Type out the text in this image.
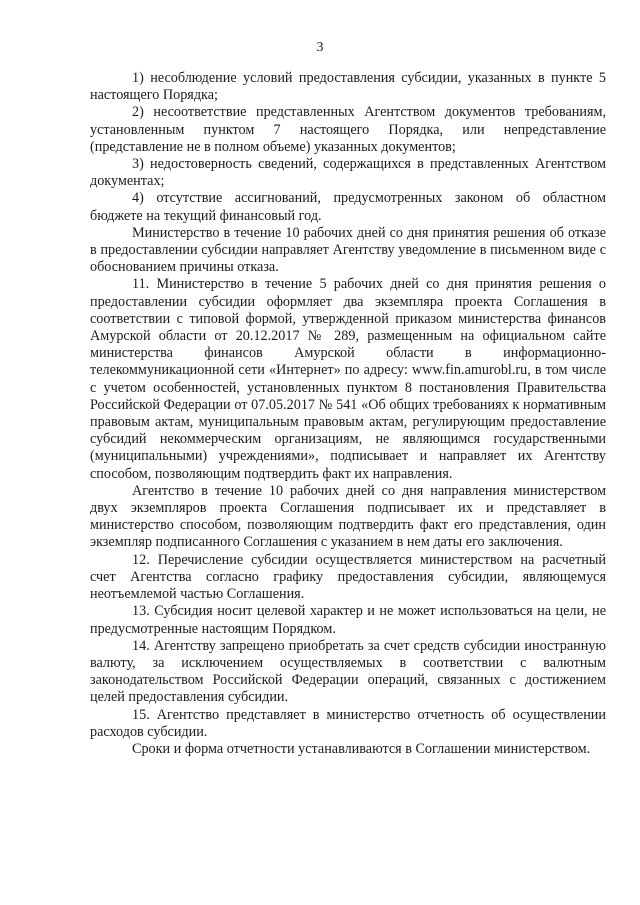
3

1) несоблюдение условий предоставления субсидии, указанных в пункте 5 настоящего Порядка;

2) несоответствие представленных Агентством документов требованиям, установленным пунктом 7 настоящего Порядка, или непредставление (представление не в полном объеме) указанных документов;

3) недостоверность сведений, содержащихся в представленных Агентством документах;

4) отсутствие ассигнований, предусмотренных законом об областном бюджете на текущий финансовый год.

Министерство в течение 10 рабочих дней со дня принятия решения об отказе в предоставлении субсидии направляет Агентству уведомление в письменном виде с обоснованием причины отказа.

11. Министерство в течение 5 рабочих дней со дня принятия решения о предоставлении субсидии оформляет два экземпляра проекта Соглашения в соответствии с типовой формой, утвержденной приказом министерства финансов Амурской области от 20.12.2017 № 289, размещенным на официальном сайте министерства финансов Амурской области в информационно-телекоммуникационной сети «Интернет» по адресу: www.fin.amurobl.ru, в том числе с учетом особенностей, установленных пунктом 8 постановления Правительства Российской Федерации от 07.05.2017 № 541 «Об общих требованиях к нормативным правовым актам, муниципальным правовым актам, регулирующим предоставление субсидий некоммерческим организациям, не являющимся государственными (муниципальными) учреждениями», подписывает и направляет их Агентству способом, позволяющим подтвердить факт их направления.

Агентство в течение 10 рабочих дней со дня направления министерством двух экземпляров проекта Соглашения подписывает их и представляет в министерство способом, позволяющим подтвердить факт его представления, один экземпляр подписанного Соглашения с указанием в нем даты его заключения.

12. Перечисление субсидии осуществляется министерством на расчетный счет Агентства согласно графику предоставления субсидии, являющемуся неотъемлемой частью Соглашения.

13. Субсидия носит целевой характер и не может использоваться на цели, не предусмотренные настоящим Порядком.

14. Агентству запрещено приобретать за счет средств субсидии иностранную валюту, за исключением осуществляемых в соответствии с валютным законодательством Российской Федерации операций, связанных с достижением целей предоставления субсидии.

15. Агентство представляет в министерство отчетность об осуществлении расходов субсидии.

Сроки и форма отчетности устанавливаются в Соглашении министерством.
